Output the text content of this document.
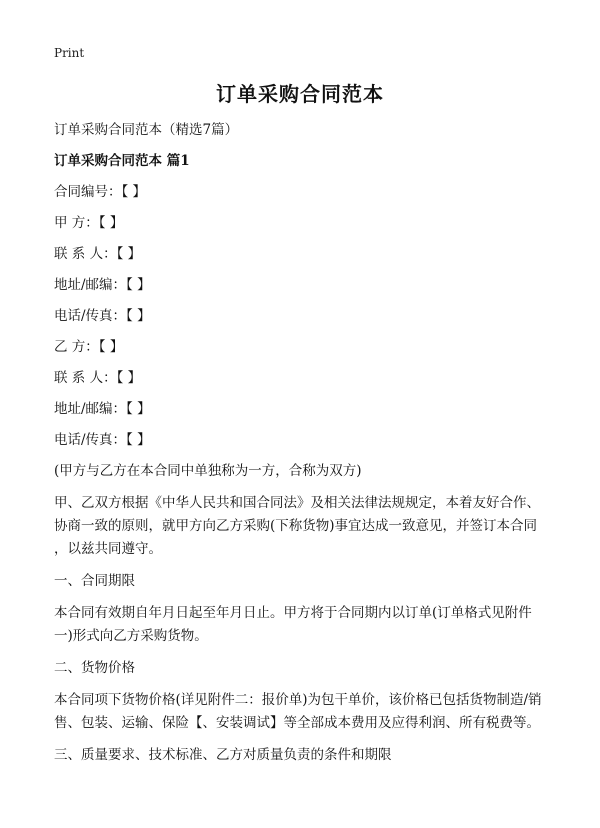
Print
订单采购合同范本

订单采购合同范本（精选7篇）

订单采购合同范本 篇1

合同编号：【 】

甲 方：【 】

联 系 人：【 】

地址/邮编：【 】

电话/传真：【 】

乙 方：【 】

联 系 人：【 】

地址/邮编：【 】

电话/传真：【 】

(甲方与乙方在本合同中单独称为一方，合称为双方)

甲、乙双方根据《中华人民共和国合同法》及相关法律法规规定，本着友好合作、

协商一致的原则，就甲方向乙方采购(下称货物)事宜达成一致意见，并签订本合同

，以兹共同遵守。

一、合同期限

本合同有效期自年月日起至年月日止。甲方将于合同期内以订单(订单格式见附件

一)形式向乙方采购货物。

二、货物价格

本合同项下货物价格(详见附件二：报价单)为包干单价，该价格已包括货物制造/销

售、包装、运输、保险【、安装调试】等全部成本费用及应得利润、所有税费等。

三、质量要求、技术标准、乙方对质量负责的条件和期限
